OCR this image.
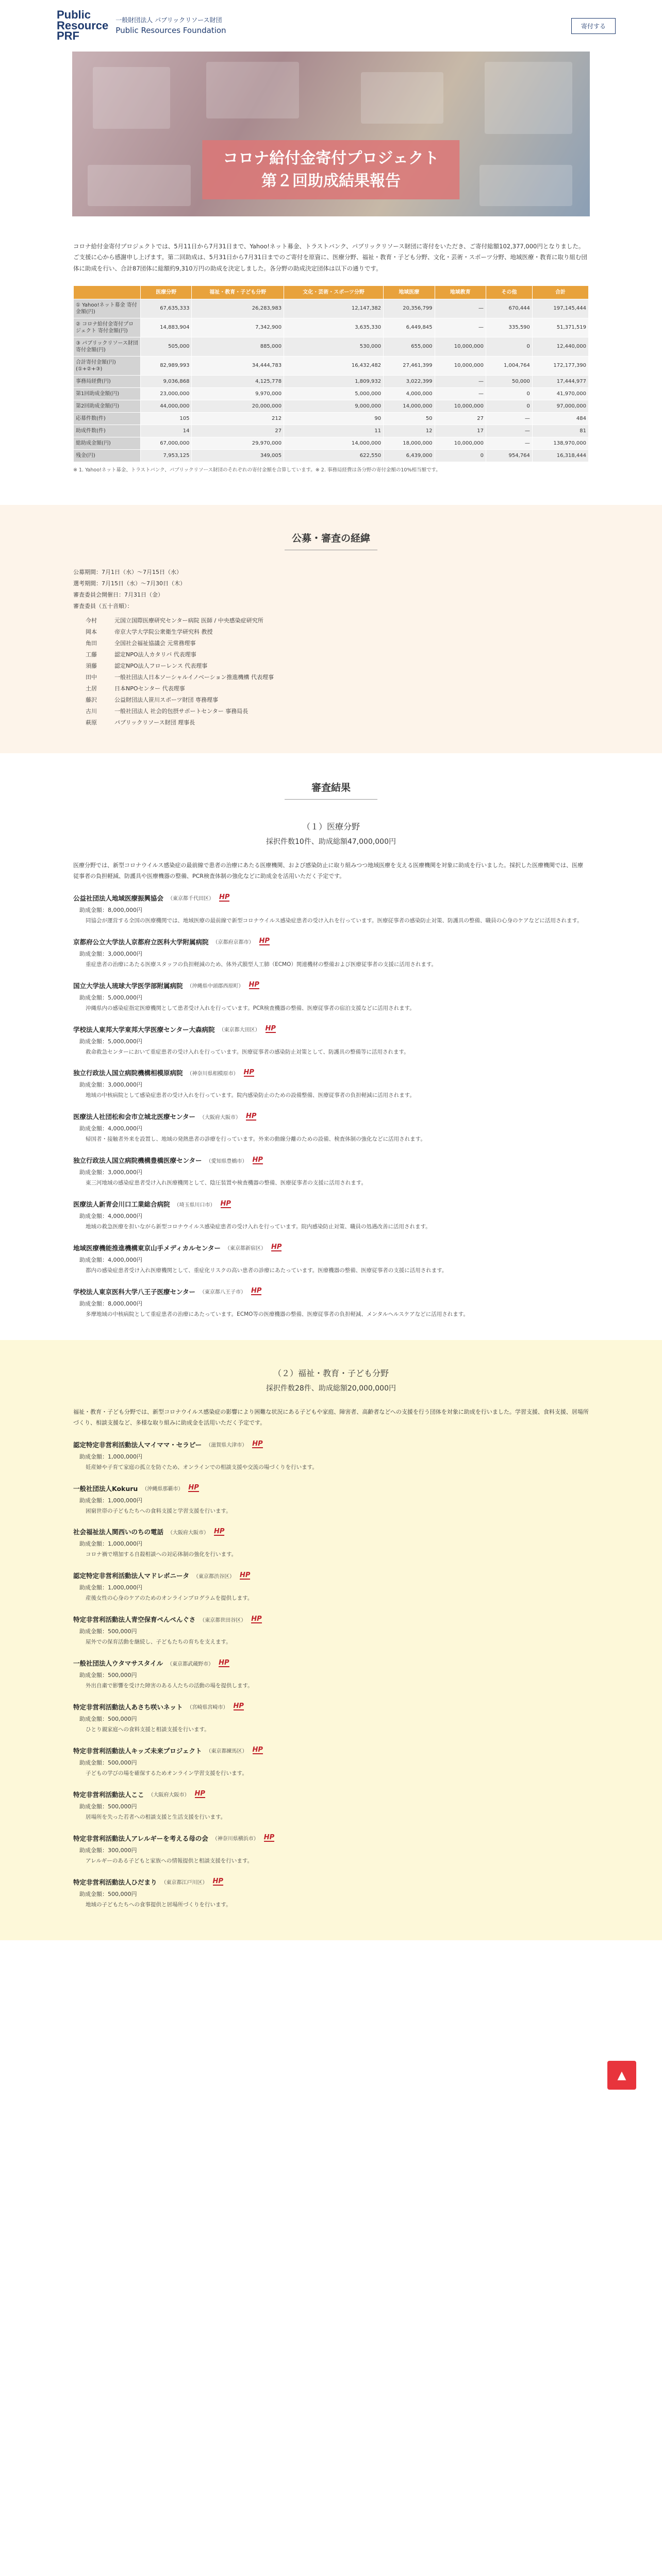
Public
Resource
PRF
一般財団法人 パブリックリソース財団
Public Resources Foundation	寄付する
コロナ給付金寄付プロジェクト
第２回助成結果報告

コロナ給付金寄付プロジェクトでは、5月11日から7月31日まで、Yahoo!ネット募金、トラストバンク、パブリックリソース財団に寄付をいただき、ご寄付総額102,377,000円となりました。ご支援に心から感謝申し上げます。第二回助成は、5月31日から7月31日までのご寄付を原資に、医療分野、福祉・教育・子ども分野、文化・芸術・スポーツ分野、地域医療・教育に取り組む団体に助成を行い、合計87団体に総額約9,310万円の助成を決定しました。各分野の助成決定団体は以下の通りです。

	医療分野	福祉・教育・子ども分野	文化・芸術・スポーツ分野	地域医療	地域教育	その他	合計
① Yahoo!ネット募金 寄付金額(円)	67,635,333	26,283,983	12,147,382	20,356,799	—	670,444	197,145,444
② コロナ給付金寄付プロジェクト 寄付金額(円)	14,883,904	7,342,900	3,635,330	6,449,845	—	335,590	51,371,519
③ パブリックリソース財団 寄付金額(円)	505,000	885,000	530,000	655,000	10,000,000	0	12,440,000
合計寄付金額(円) (①+②+③)	82,989,993	34,444,783	16,432,482	27,461,399	10,000,000	1,004,764	172,177,390
事務局経費(円)	9,036,868	4,125,778	1,809,932	3,022,399	—	50,000	17,444,977
第1回助成金額(円)	23,000,000	9,970,000	5,000,000	4,000,000	—	0	41,970,000
第2回助成金額(円)	44,000,000	20,000,000	9,000,000	14,000,000	10,000,000	0	97,000,000
応募件数(件)	105	212	90	50	27	—	484
助成件数(件)	14	27	11	12	17	—	81
総助成金額(円)	67,000,000	29,970,000	14,000,000	18,000,000	10,000,000	—	138,970,000
残金(円)	7,953,125	349,005	622,550	6,439,000	0	954,764	16,318,444

※ 1. Yahoo!ネット募金、トラストバンク、パブリックリソース財団のそれぞれの寄付金額を合算しています。※ 2. 事務局経費は各分野の寄付金額の10%相当額です。

公募・審査の経緯
公募期間：7月1日（水）～7月15日（水）
選考期間：7月15日（水）～7月30日（木）
審査委員会開催日：7月31日（金）
審査委員（五十音順）：
今村	元国立国際医療研究センター病院 医師 / 中央感染症研究所
岡本	帝京大学大学院公衆衛生学研究科 教授
角田	全国社会福祉協議会 元常務理事
工藤	認定NPO法人カタリバ 代表理事
須藤	認定NPO法人フローレンス 代表理事
田中	一般社団法人日本ソーシャルイノベーション推進機構 代表理事
土居	日本NPOセンター 代表理事
藤沢	公益財団法人笹川スポーツ財団 専務理事
古川	一般社団法人 社会的包摂サポートセンター 事務局長
萩原	パブリックリソース財団 理事長
審査結果
（１）医療分野
採択件数10件、助成総額47,000,000円

医療分野では、新型コロナウイルス感染症の最前線で患者の治療にあたる医療機関、および感染防止に取り組みつつ地域医療を支える医療機関を対象に助成を行いました。採択した医療機関では、医療従事者の負担軽減、防護具や医療機器の整備、PCR検査体制の強化などに助成金を活用いただく予定です。

公益社団法人地域医療振興協会 （東京都千代田区） HP
助成金額：8,000,000円
同協会が運営する全国の医療機関では、地域医療の最前線で新型コロナウイルス感染症患者の受け入れを行っています。医療従事者の感染防止対策、防護具の整備、職員の心身のケアなどに活用されます。
京都府公立大学法人京都府立医科大学附属病院 （京都府京都市） HP
助成金額：3,000,000円
重症患者の治療にあたる医療スタッフの負担軽減のため、体外式膜型人工肺（ECMO）関連機材の整備および医療従事者の支援に活用されます。
国立大学法人琉球大学医学部附属病院 （沖縄県中頭郡西原町） HP
助成金額：5,000,000円
沖縄県内の感染症指定医療機関として患者受け入れを行っています。PCR検査機器の整備、医療従事者の宿泊支援などに活用されます。
学校法人東邦大学東邦大学医療センター大森病院 （東京都大田区） HP
助成金額：5,000,000円
救命救急センターにおいて重症患者の受け入れを行っています。医療従事者の感染防止対策として、防護具の整備等に活用されます。
独立行政法人国立病院機構相模原病院 （神奈川県相模原市） HP
助成金額：3,000,000円
地域の中核病院として感染症患者の受け入れを行っています。院内感染防止のための設備整備、医療従事者の負担軽減に活用されます。
医療法人社団松和会市立城北医療センター （大阪府大阪市） HP
助成金額：4,000,000円
帰国者・接触者外来を設置し、地域の発熱患者の診療を行っています。外来の動線分離のための設備、検査体制の強化などに活用されます。
独立行政法人国立病院機構豊橋医療センター （愛知県豊橋市） HP
助成金額：3,000,000円
東三河地域の感染症患者受け入れ医療機関として、陰圧装置や検査機器の整備、医療従事者の支援に活用されます。
医療法人新青会川口工業総合病院 （埼玉県川口市） HP
助成金額：4,000,000円
地域の救急医療を担いながら新型コロナウイルス感染症患者の受け入れを行っています。院内感染防止対策、職員の処遇改善に活用されます。
地域医療機能推進機構東京山手メディカルセンター （東京都新宿区） HP
助成金額：4,000,000円
都内の感染症患者受け入れ医療機関として、重症化リスクの高い患者の診療にあたっています。医療機器の整備、医療従事者の支援に活用されます。
学校法人東京医科大学八王子医療センター （東京都八王子市） HP
助成金額：8,000,000円
多摩地域の中核病院として重症患者の治療にあたっています。ECMO等の医療機器の整備、医療従事者の負担軽減、メンタルヘルスケアなどに活用されます。
（２）福祉・教育・子ども分野
採択件数28件、助成総額20,000,000円

福祉・教育・子ども分野では、新型コロナウイルス感染症の影響により困難な状況にある子どもや家庭、障害者、高齢者などへの支援を行う団体を対象に助成を行いました。学習支援、食料支援、居場所づくり、相談支援など、多様な取り組みに助成金を活用いただく予定です。

認定特定非営利活動法人マイママ・セラピー （滋賀県大津市） HP
助成金額：1,000,000円
妊産婦や子育て家庭の孤立を防ぐため、オンラインでの相談支援や交流の場づくりを行います。
一般社団法人Kokuru （沖縄県那覇市） HP
助成金額：1,000,000円
困窮世帯の子どもたちへの食料支援と学習支援を行います。
社会福祉法人関西いのちの電話 （大阪府大阪市） HP
助成金額：1,000,000円
コロナ禍で増加する自殺相談への対応体制の強化を行います。
認定特定非営利活動法人マドレボニータ （東京都渋谷区） HP
助成金額：1,000,000円
産後女性の心身のケアのためのオンラインプログラムを提供します。
特定非営利活動法人青空保育ぺんぺんぐさ （東京都世田谷区） HP
助成金額：500,000円
屋外での保育活動を継続し、子どもたちの育ちを支えます。
一般社団法人ウタマサスタイル （東京都武蔵野市） HP
助成金額：500,000円
外出自粛で影響を受けた障害のある人たちの活動の場を提供します。
特定非営利活動法人あさち咲いネット （宮崎県宮崎市） HP
助成金額：500,000円
ひとり親家庭への食料支援と相談支援を行います。
特定非営利活動法人キッズ未来プロジェクト （東京都練馬区） HP
助成金額：500,000円
子どもの学びの場を確保するためオンライン学習支援を行います。
特定非営利活動法人ここ （大阪府大阪市） HP
助成金額：500,000円
居場所を失った若者への相談支援と生活支援を行います。
特定非営利活動法人アレルギーを考える母の会 （神奈川県横浜市） HP
助成金額：300,000円
アレルギーのある子どもと家族への情報提供と相談支援を行います。
特定非営利活動法人ひだまり （東京都江戸川区） HP
助成金額：500,000円
地域の子どもたちへの食事提供と居場所づくりを行います。
▲
